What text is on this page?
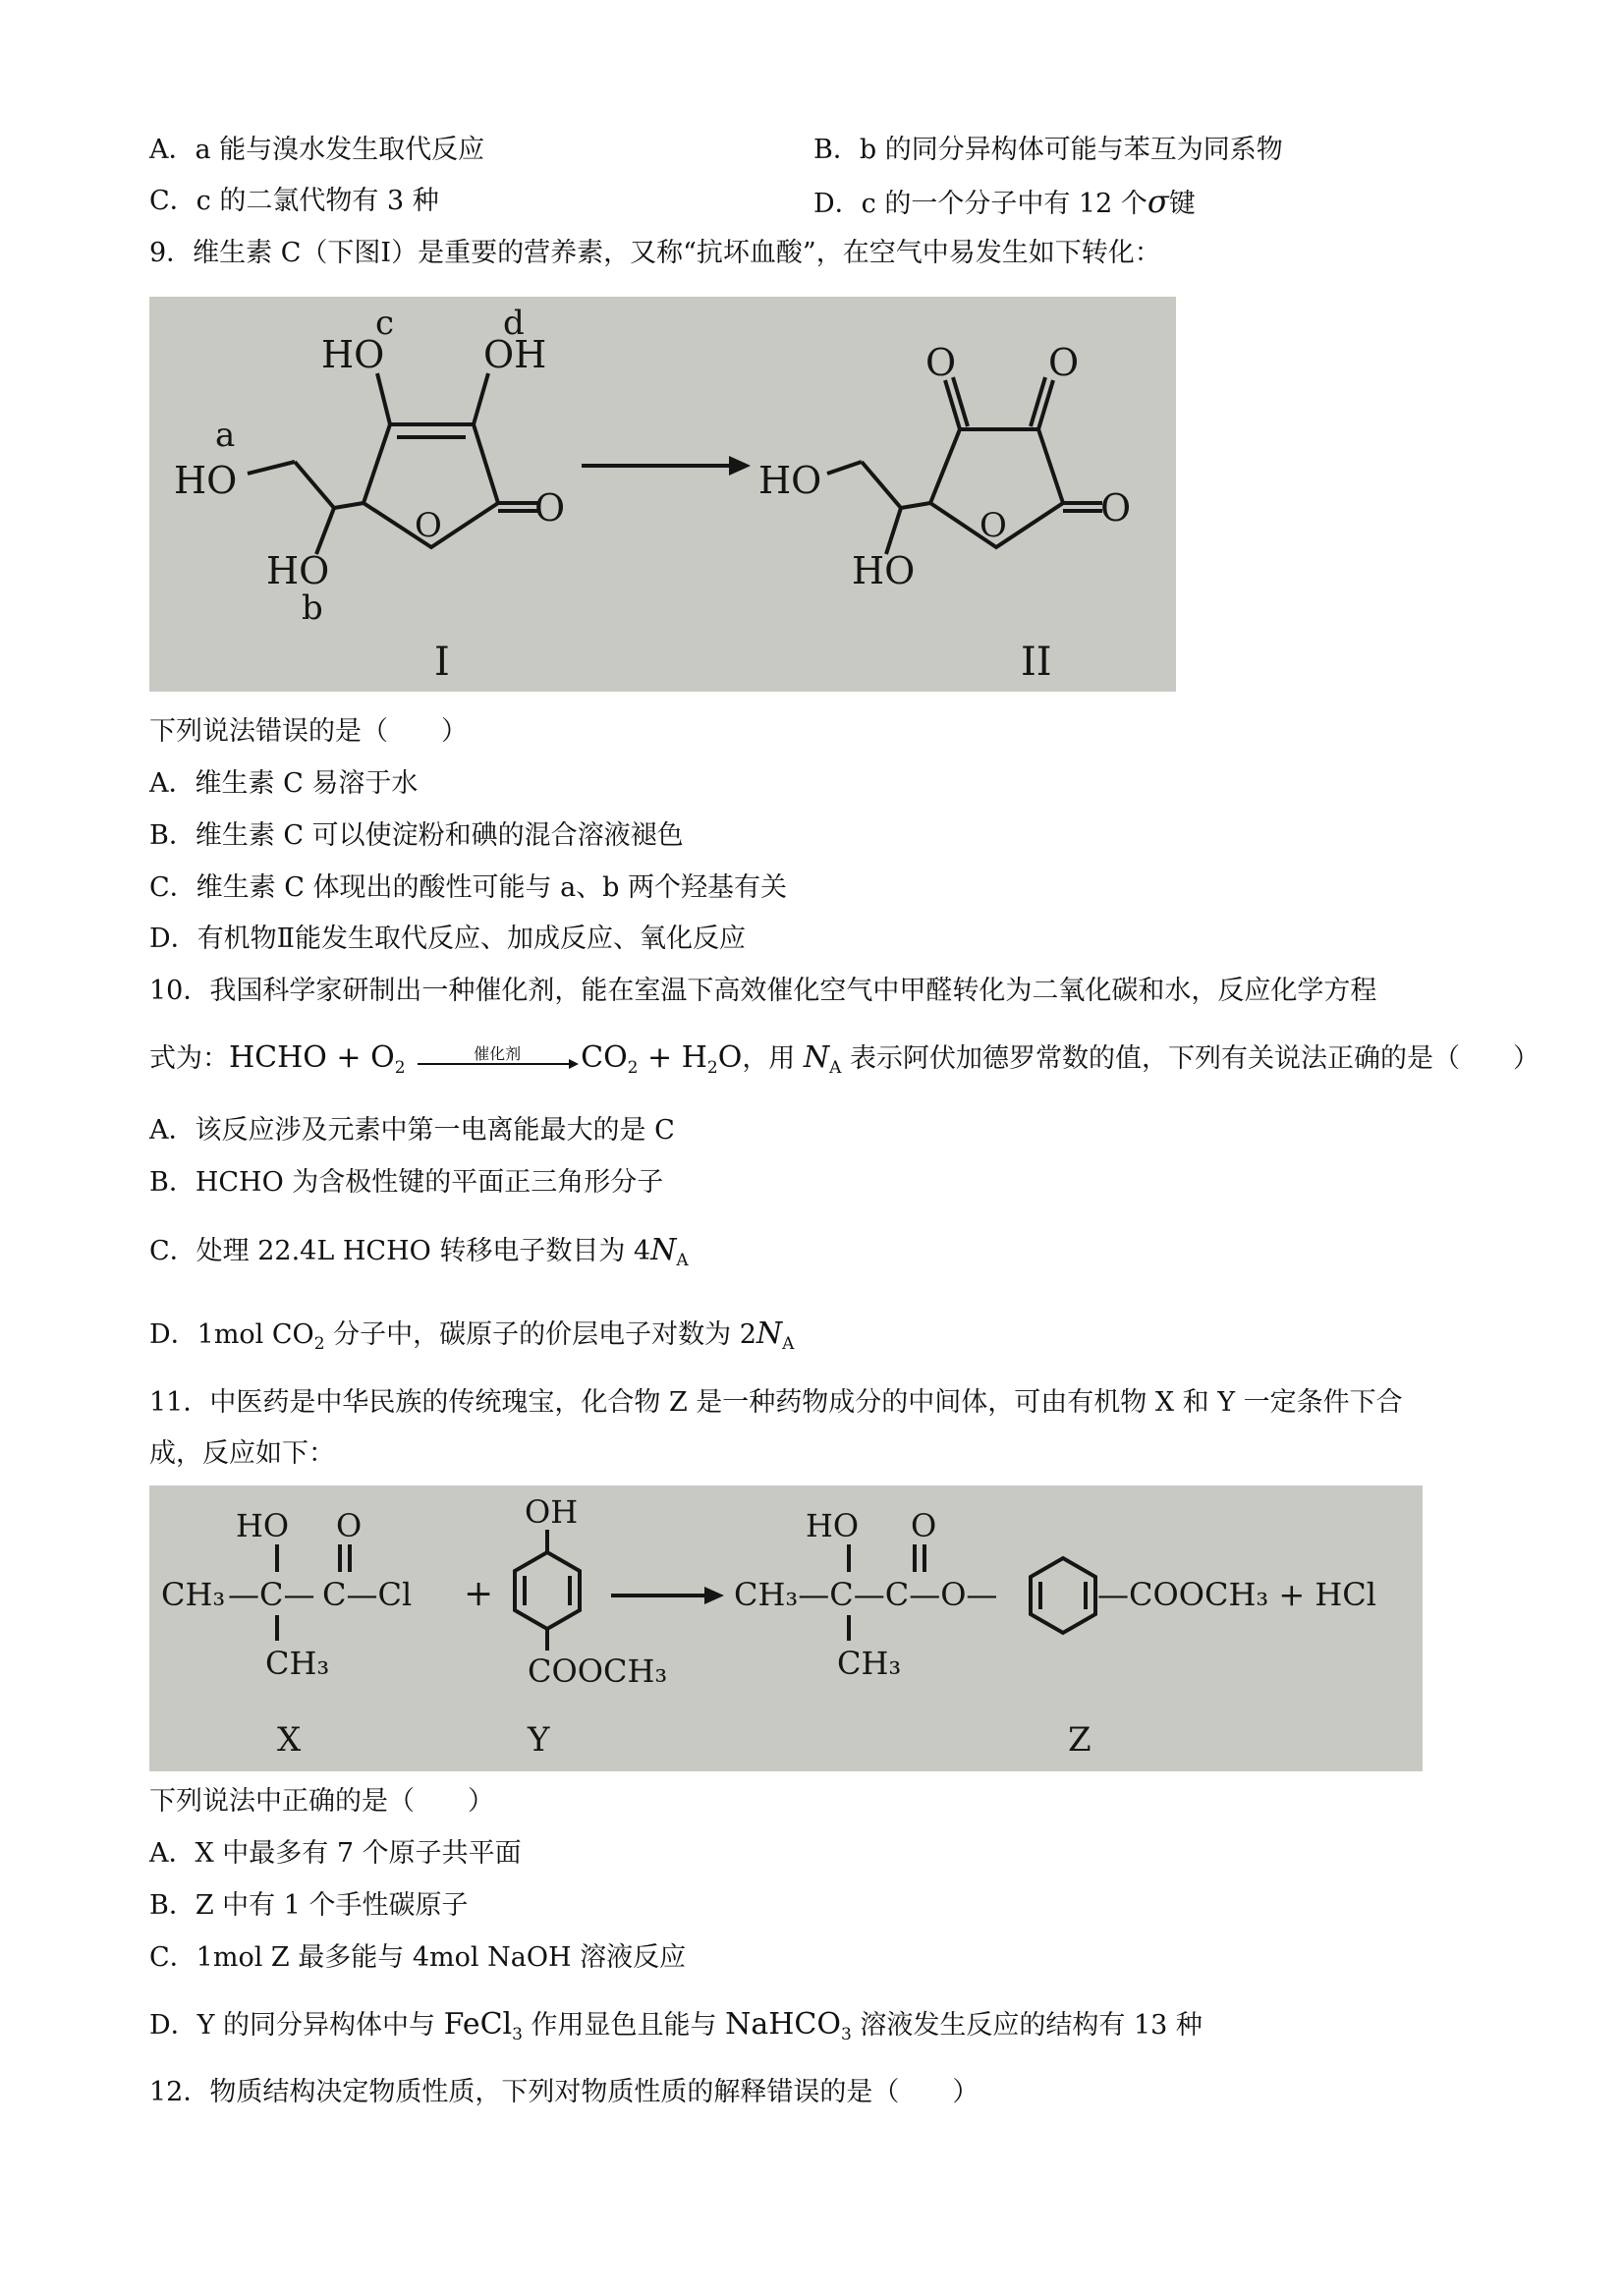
A．a 能与溴水发生取代反应	B．b 的同分异构体可能与苯互为同系物
C．c 的二氯代物有 3 种	D．c 的一个分子中有 12 个σ键
9．维生素 C（下图Ⅰ）是重要的营养素，又称“抗坏血酸”，在空气中易发生如下转化：
c	d
HO	OH
a
HO
HO
b
O O
I
O O
HO
HO
O	O
II
下列说法错误的是（　　）
A．维生素 C 易溶于水
B．维生素 C 可以使淀粉和碘的混合溶液褪色
C．维生素 C 体现出的酸性可能与 a、b 两个羟基有关
D．有机物Ⅱ能发生取代反应、加成反应、氧化反应
10．我国科学家研制出一种催化剂，能在室温下高效催化空气中甲醛转化为二氧化碳和水，反应化学方程
式为：HCHO + $O_2$
催化剂	$CO_2 + H_2O$，用 $N_A$ 表示阿伏加德罗常数的值，下列有关说法正确的是（　　）
A．该反应涉及元素中第一电离能最大的是 C
B．HCHO 为含极性键的平面正三角形分子
C．处理 22.4L HCHO 转移电子数目为 $4N_A$
D．1mol $CO_2$ 分子中，碳原子的价层电子对数为 $2N_A$
11．中医药是中华民族的传统瑰宝，化合物 Z 是一种药物成分的中间体，可由有机物 X 和 Y 一定条件下合
成，反应如下：
HO O
CH₃ —C— C—Cl
CH₃
+
OH
COOCH₃
HO O
CH₃—C—C—O—
CH₃
—COOCH₃ + HCl
X	Y	Z
下列说法中正确的是（　　）
A．X 中最多有 7 个原子共平面
B．Z 中有 1 个手性碳原子
C．1mol Z 最多能与 4mol NaOH 溶液反应
D．Y 的同分异构体中与 FeCl$_3$ 作用显色且能与 NaHCO$_3$ 溶液发生反应的结构有 13 种
12．物质结构决定物质性质，下列对物质性质的解释错误的是（　　）
